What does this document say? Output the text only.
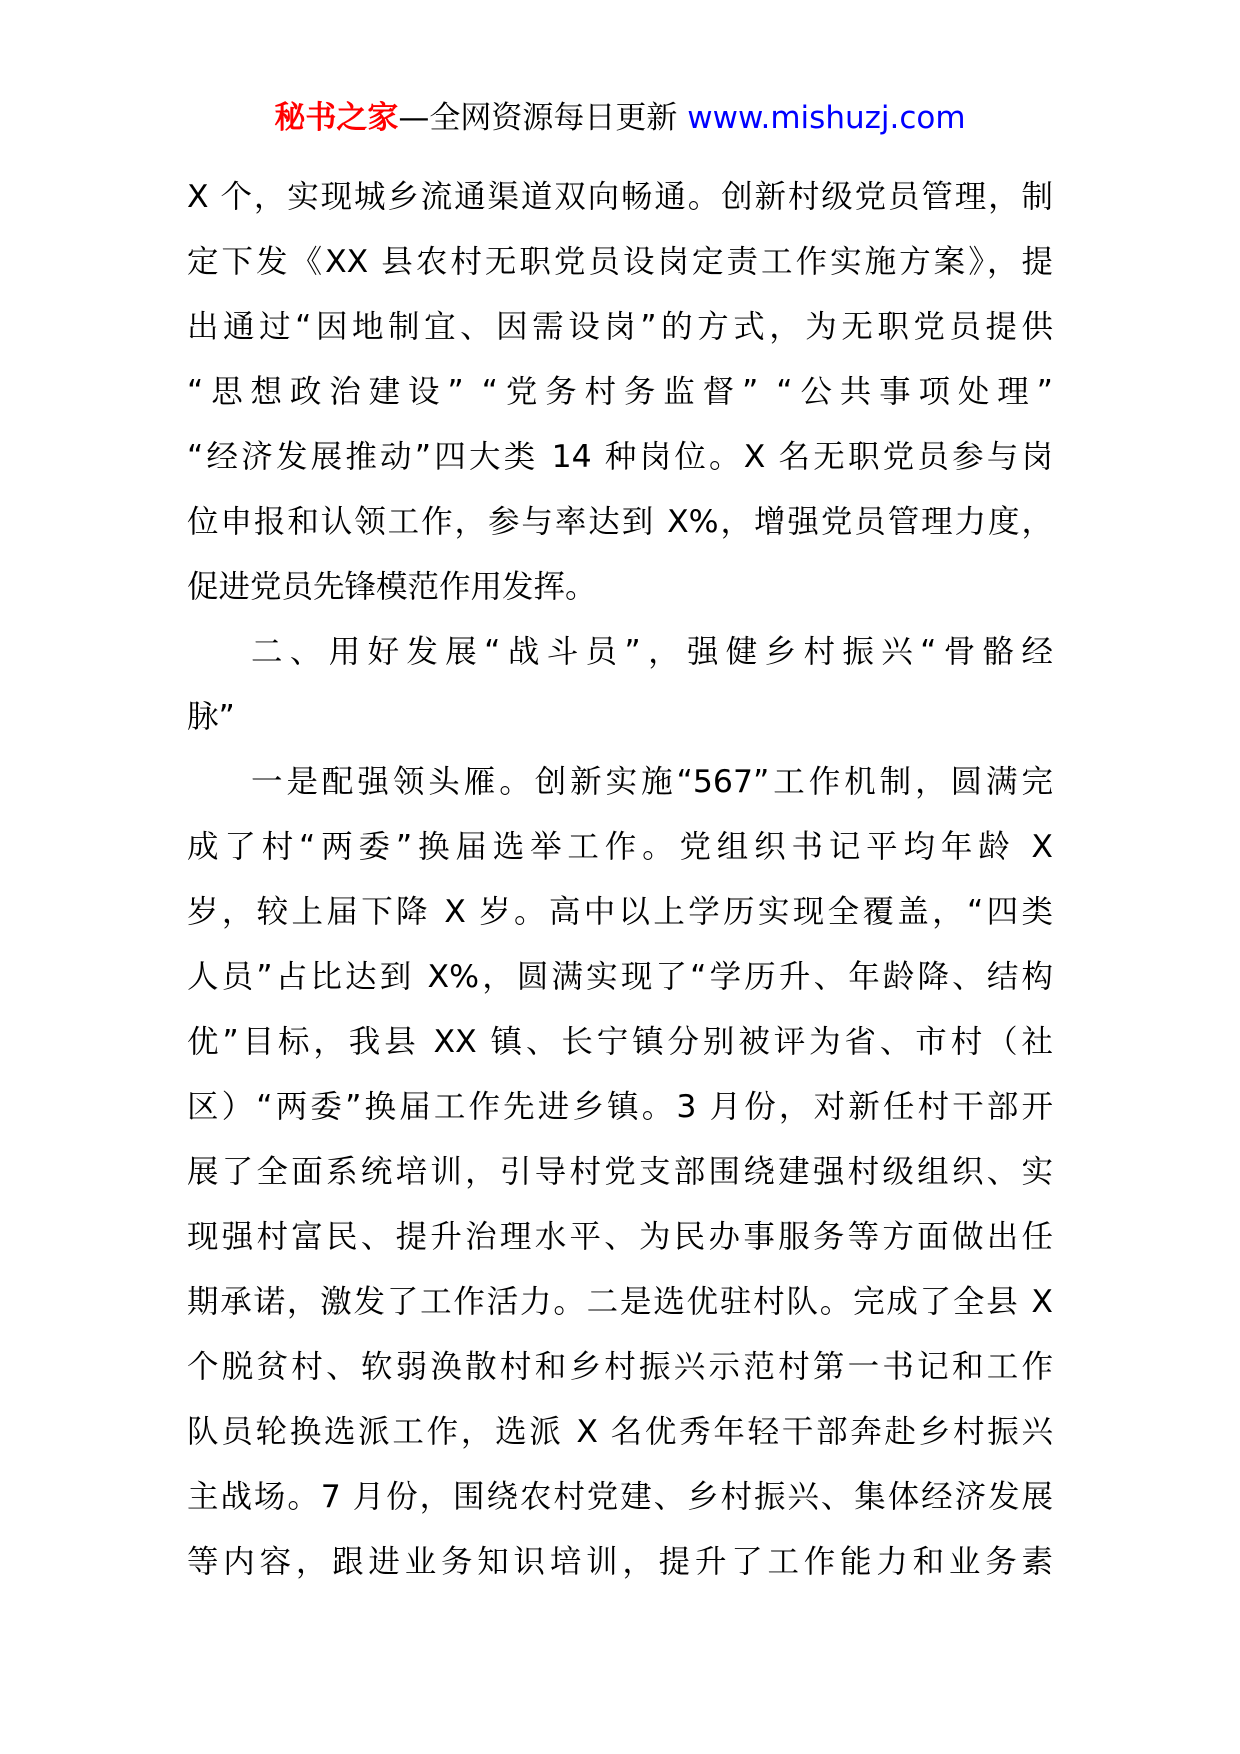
秘书之家—全网资源每日更新 www.mishuzj.com
X 个，实现城乡流通渠道双向畅通。创新村级党员管理，制
定下发《XX 县农村无职党员设岗定责工作实施方案》，提
出通过“因地制宜、因需设岗”的方式，为无职党员提供
“思想政治建设” “党务村务监督” “公共事项处理”
“经济发展推动”四大类 14 种岗位。X 名无职党员参与岗
位申报和认领工作，参与率达到 X%，增强党员管理力度，
促进党员先锋模范作用发挥。
二、用好发展“战斗员”，强健乡村振兴“骨骼经
脉”
一是配强领头雁。创新实施“567”工作机制，圆满完
成了村“两委”换届选举工作。党组织书记平均年龄 X
岁，较上届下降 X 岁。高中以上学历实现全覆盖，“四类
人员”占比达到 X%，圆满实现了“学历升、年龄降、结构
优”目标，我县 XX 镇、长宁镇分别被评为省、市村（社
区）“两委”换届工作先进乡镇。3 月份，对新任村干部开
展了全面系统培训，引导村党支部围绕建强村级组织、实
现强村富民、提升治理水平、为民办事服务等方面做出任
期承诺，激发了工作活力。二是选优驻村队。完成了全县 X
个脱贫村、软弱涣散村和乡村振兴示范村第一书记和工作
队员轮换选派工作，选派 X 名优秀年轻干部奔赴乡村振兴
主战场。7 月份，围绕农村党建、乡村振兴、集体经济发展
等内容，跟进业务知识培训，提升了工作能力和业务素
